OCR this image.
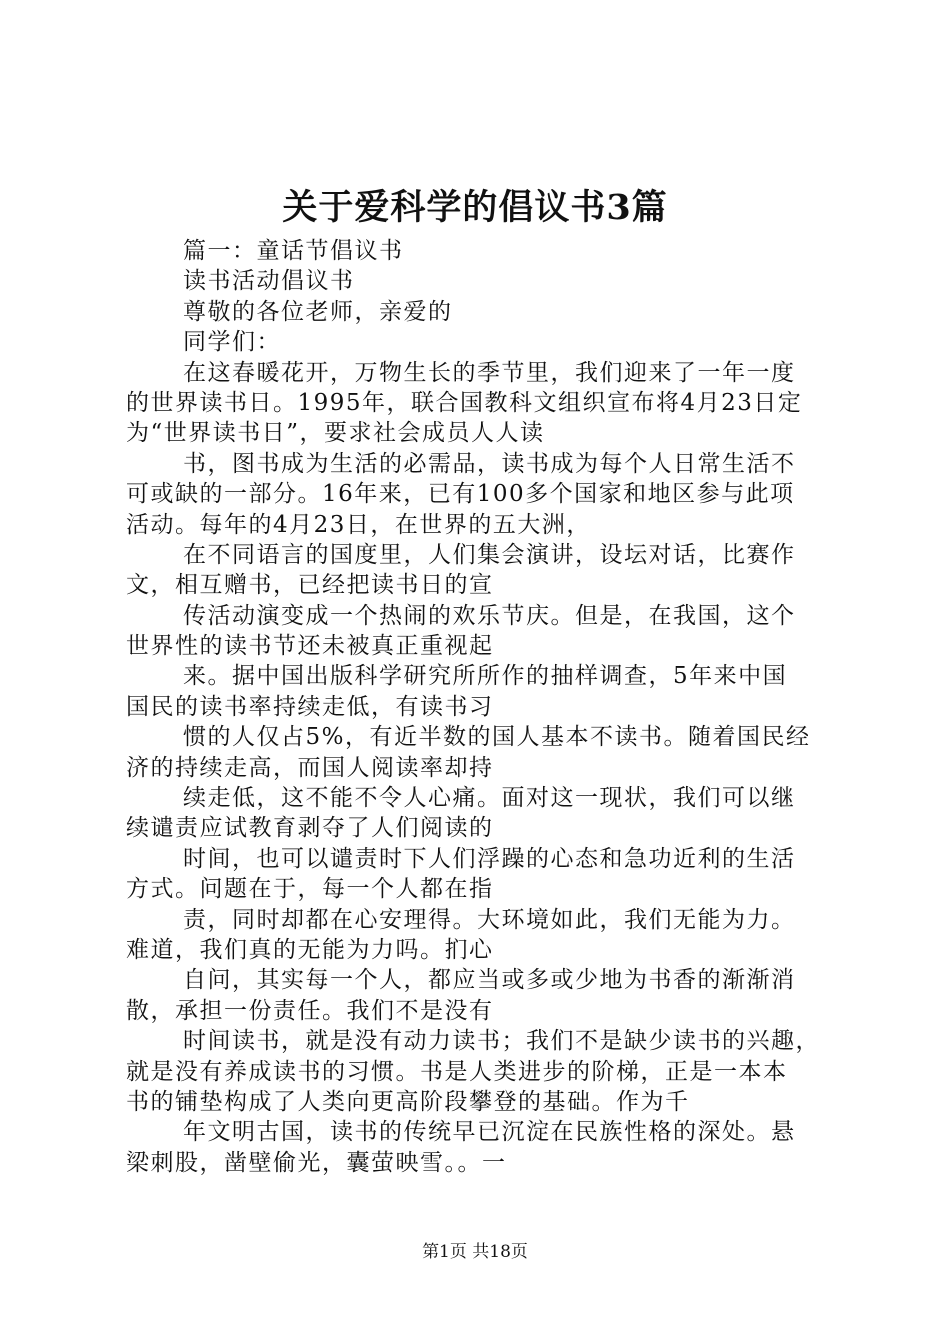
关于爱科学的倡议书3篇
篇一：童话节倡议书
读书活动倡议书
尊敬的各位老师，亲爱的
同学们：
在这春暖花开，万物生长的季节里，我们迎来了一年一度
的世界读书日。1995年，联合国教科文组织宣布将4月23日定
为“世界读书日”，要求社会成员人人读
书，图书成为生活的必需品，读书成为每个人日常生活不
可或缺的一部分。16年来，已有100多个国家和地区参与此项
活动。每年的4月23日，在世界的五大洲，
在不同语言的国度里，人们集会演讲，设坛对话，比赛作
文，相互赠书，已经把读书日的宣
传活动演变成一个热闹的欢乐节庆。但是，在我国，这个
世界性的读书节还未被真正重视起
来。据中国出版科学研究所所作的抽样调查，5年来中国
国民的读书率持续走低，有读书习
惯的人仅占5%，有近半数的国人基本不读书。随着国民经
济的持续走高，而国人阅读率却持
续走低，这不能不令人心痛。面对这一现状，我们可以继
续谴责应试教育剥夺了人们阅读的
时间，也可以谴责时下人们浮躁的心态和急功近利的生活
方式。问题在于，每一个人都在指
责，同时却都在心安理得。大环境如此，我们无能为力。
难道，我们真的无能为力吗。扪心
自问，其实每一个人，都应当或多或少地为书香的渐渐消
散，承担一份责任。我们不是没有
时间读书，就是没有动力读书；我们不是缺少读书的兴趣，
就是没有养成读书的习惯。书是人类进步的阶梯，正是一本本
书的铺垫构成了人类向更高阶段攀登的基础。作为千
年文明古国，读书的传统早已沉淀在民族性格的深处。悬
梁刺股，凿壁偷光，囊萤映雪。。一
第1页 共18页
